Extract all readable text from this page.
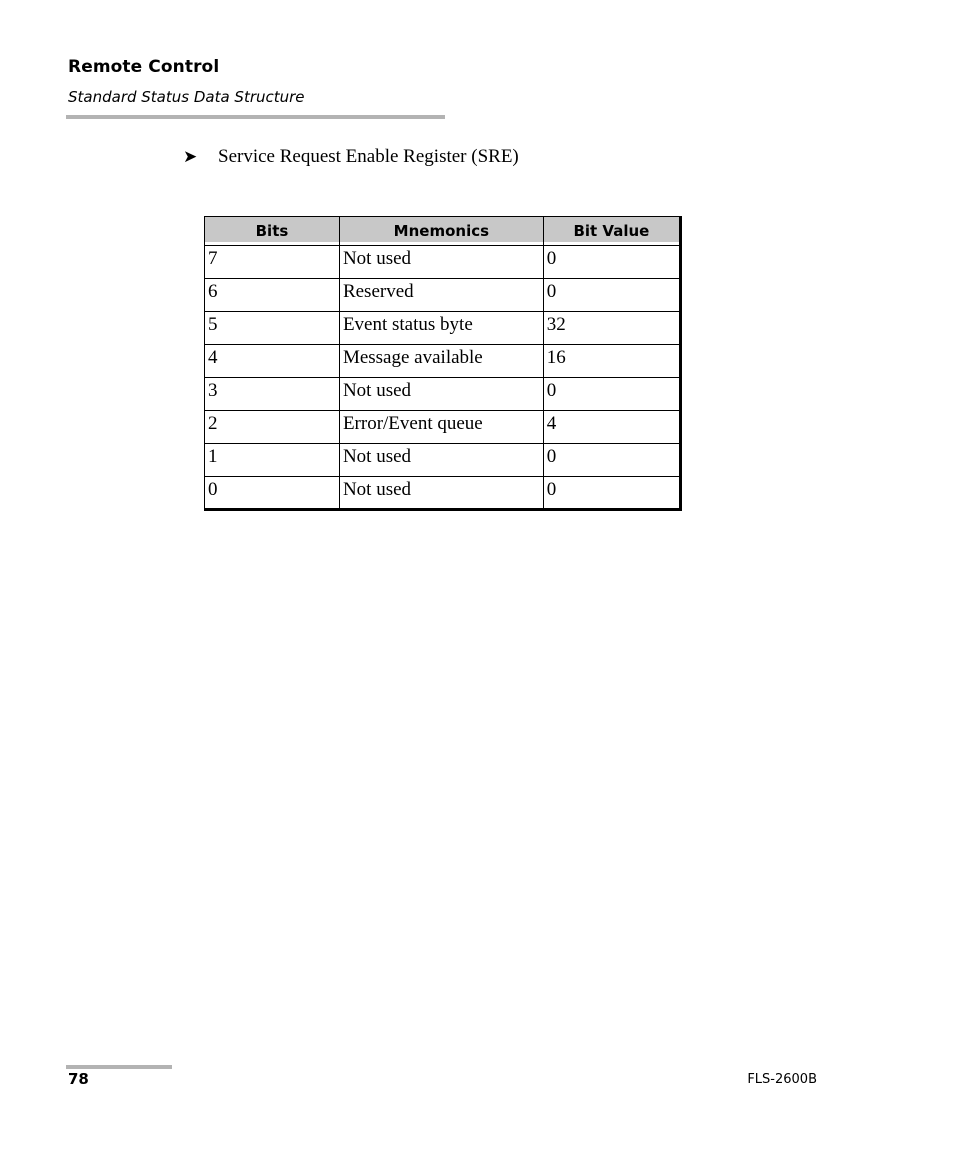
Remote Control
Standard Status Data Structure
➤	Service Request Enable Register (SRE)
Bits	Mnemonics	Bit Value
7	Not used	0
6	Reserved	0
5	Event status byte	32
4	Message available	16
3	Not used	0
2	Error/Event queue	4
1	Not used	0
0	Not used	0
78	FLS-2600B
